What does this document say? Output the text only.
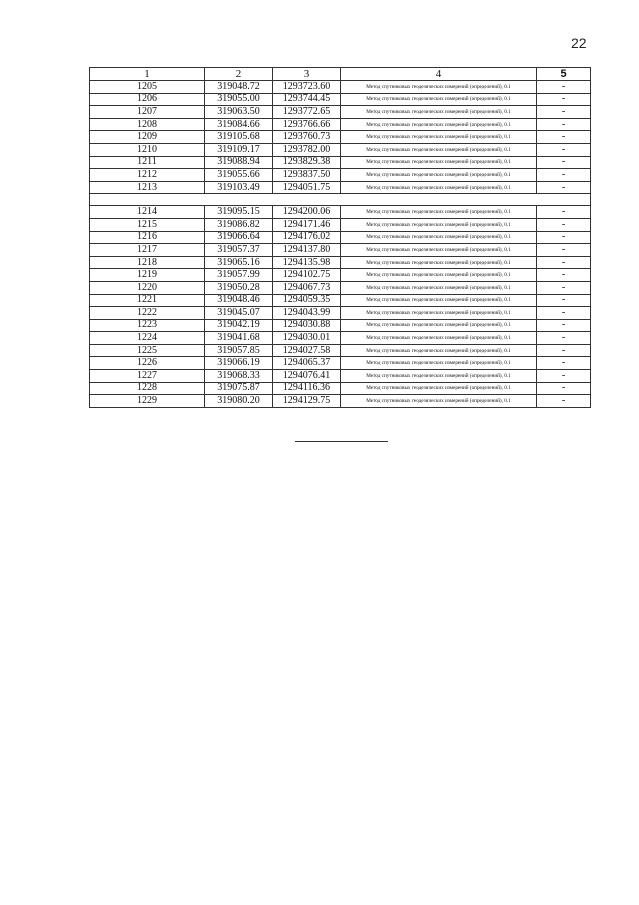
22
1	2	3	4	5
1205	319048.72	1293723.60	Метод спутниковых геодезических измерений (определений), 0.1	-
1206	319055.00	1293744.45	Метод спутниковых геодезических измерений (определений), 0.1	-
1207	319063.50	1293772.65	Метод спутниковых геодезических измерений (определений), 0.1	-
1208	319084.66	1293766.66	Метод спутниковых геодезических измерений (определений), 0.1	-
1209	319105.68	1293760.73	Метод спутниковых геодезических измерений (определений), 0.1	-
1210	319109.17	1293782.00	Метод спутниковых геодезических измерений (определений), 0.1	-
1211	319088.94	1293829.38	Метод спутниковых геодезических измерений (определений), 0.1	-
1212	319055.66	1293837.50	Метод спутниковых геодезических измерений (определений), 0.1	-
1213	319103.49	1294051.75	Метод спутниковых геодезических измерений (определений), 0.1	-

1214	319095.15	1294200.06	Метод спутниковых геодезических измерений (определений), 0.1	-
1215	319086.82	1294171.46	Метод спутниковых геодезических измерений (определений), 0.1	-
1216	319066.64	1294176.02	Метод спутниковых геодезических измерений (определений), 0.1	-
1217	319057.37	1294137.80	Метод спутниковых геодезических измерений (определений), 0.1	-
1218	319065.16	1294135.98	Метод спутниковых геодезических измерений (определений), 0.1	-
1219	319057.99	1294102.75	Метод спутниковых геодезических измерений (определений), 0.1	-
1220	319050.28	1294067.73	Метод спутниковых геодезических измерений (определений), 0.1	-
1221	319048.46	1294059.35	Метод спутниковых геодезических измерений (определений), 0.1	-
1222	319045.07	1294043.99	Метод спутниковых геодезических измерений (определений), 0.1	-
1223	319042.19	1294030.88	Метод спутниковых геодезических измерений (определений), 0.1	-
1224	319041.68	1294030.01	Метод спутниковых геодезических измерений (определений), 0.1	-
1225	319057.85	1294027.58	Метод спутниковых геодезических измерений (определений), 0.1	-
1226	319066.19	1294065.37	Метод спутниковых геодезических измерений (определений), 0.1	-
1227	319068.33	1294076.41	Метод спутниковых геодезических измерений (определений), 0.1	-
1228	319075.87	1294116.36	Метод спутниковых геодезических измерений (определений), 0.1	-
1229	319080.20	1294129.75	Метод спутниковых геодезических измерений (определений), 0.1	-
